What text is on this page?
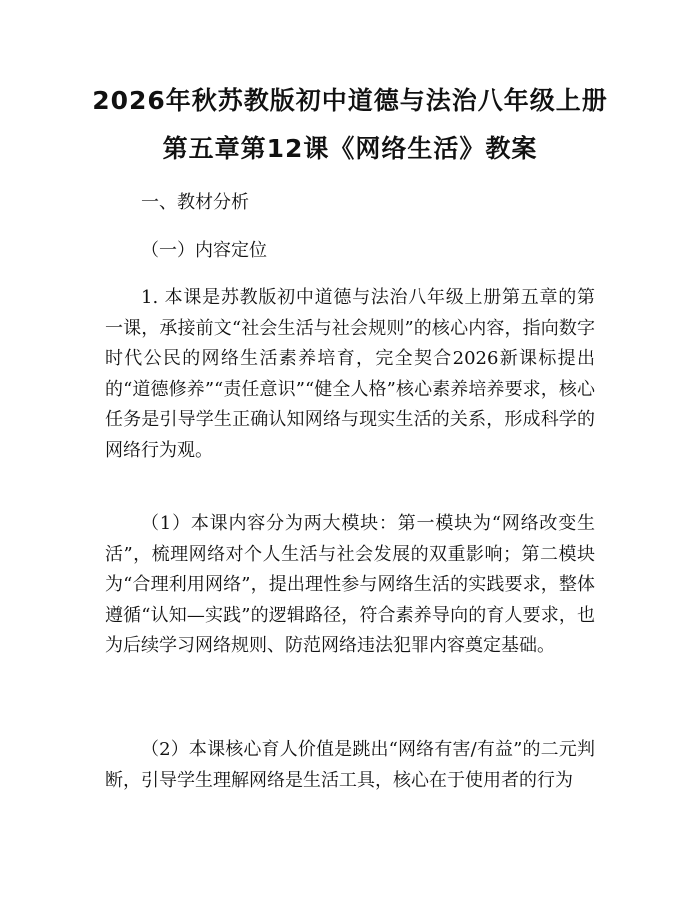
2026年秋苏教版初中道德与法治八年级上册
第五章第12课《网络生活》教案
一、教材分析
（一）内容定位

1. 本课是苏教版初中道德与法治八年级上册第五章的第一课，承接前文“社会生活与社会规则”的核心内容，指向数字时代公民的网络生活素养培育，完全契合2026新课标提出的“道德修养”“责任意识”“健全人格”核心素养培养要求，核心任务是引导学生正确认知网络与现实生活的关系，形成科学的网络行为观。

（1）本课内容分为两大模块：第一模块为“网络改变生活”，梳理网络对个人生活与社会发展的双重影响；第二模块为“合理利用网络”，提出理性参与网络生活的实践要求，整体遵循“认知—实践”的逻辑路径，符合素养导向的育人要求，也为后续学习网络规则、防范网络违法犯罪内容奠定基础。

（2）本课核心育人价值是跳出“网络有害/有益”的二元判断，引导学生理解网络是生活工具，核心在于使用者的行为
